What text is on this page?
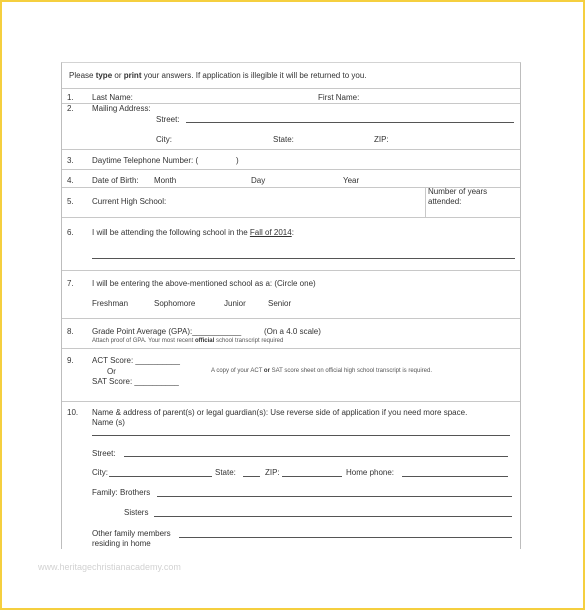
Please type or print your answers. If application is illegible it will be returned to you.
1. Last Name:	First Name:
2. Mailing Address:
Street:
City:	State:	ZIP:
3. Daytime Telephone Number: (	)
4. Date of Birth: Month	Day	Year
5. Current High School:
Number of years attended:
6. I will be attending the following school in the Fall of 2014:
7. I will be entering the above-mentioned school as a: (Circle one)
Freshman	Sophomore	Junior	Senior
8. Grade Point Average (GPA):___________	(On a 4.0 scale)
Attach proof of GPA. Your most recent official school transcript required
9. ACT Score: __________
Or
SAT Score: __________
A copy of your ACT or SAT score sheet on official high school transcript is required.
10. Name & address of parent(s) or legal guardian(s): Use reverse side of application if you need more space.
Name (s)
Street:
City:	State:	ZIP:	Home phone:
Family: Brothers
Sisters
Other family members
residing in home
www.heritagechristianacademy.com
